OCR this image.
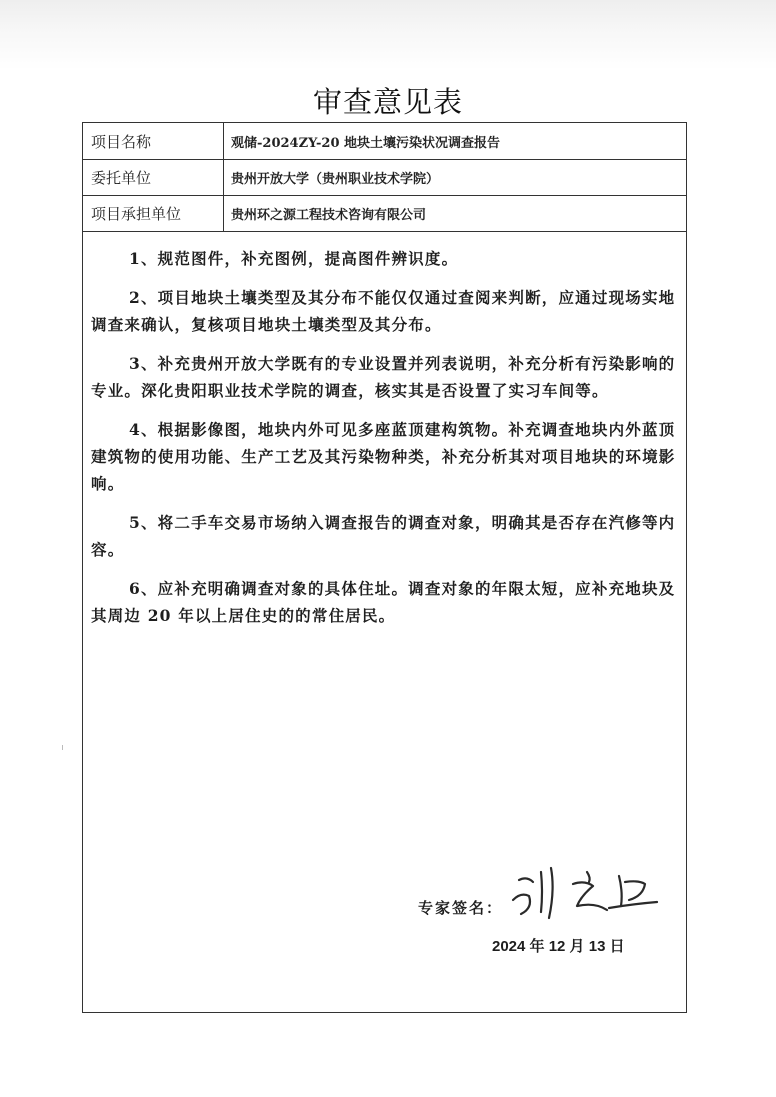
审查意见表
项目名称	观储-2024ZY-20 地块土壤污染状况调查报告
委托单位	贵州开放大学（贵州职业技术学院）
项目承担单位	贵州环之源工程技术咨询有限公司

1、规范图件，补充图例，提高图件辨识度。

2、项目地块土壤类型及其分布不能仅仅通过查阅来判断，应通过现场实地调查来确认，复核项目地块土壤类型及其分布。

3、补充贵州开放大学既有的专业设置并列表说明，补充分析有污染影响的专业。深化贵阳职业技术学院的调查，核实其是否设置了实习车间等。

4、根据影像图，地块内外可见多座蓝顶建构筑物。补充调查地块内外蓝顶建筑物的使用功能、生产工艺及其污染物种类，补充分析其对项目地块的环境影响。

5、将二手车交易市场纳入调查报告的调查对象，明确其是否存在汽修等内容。

6、应补充明确调查对象的具体住址。调查对象的年限太短，应补充地块及其周边 20 年以上居住史的的常住居民。

专家签名：
2024 年 12 月 13 日
